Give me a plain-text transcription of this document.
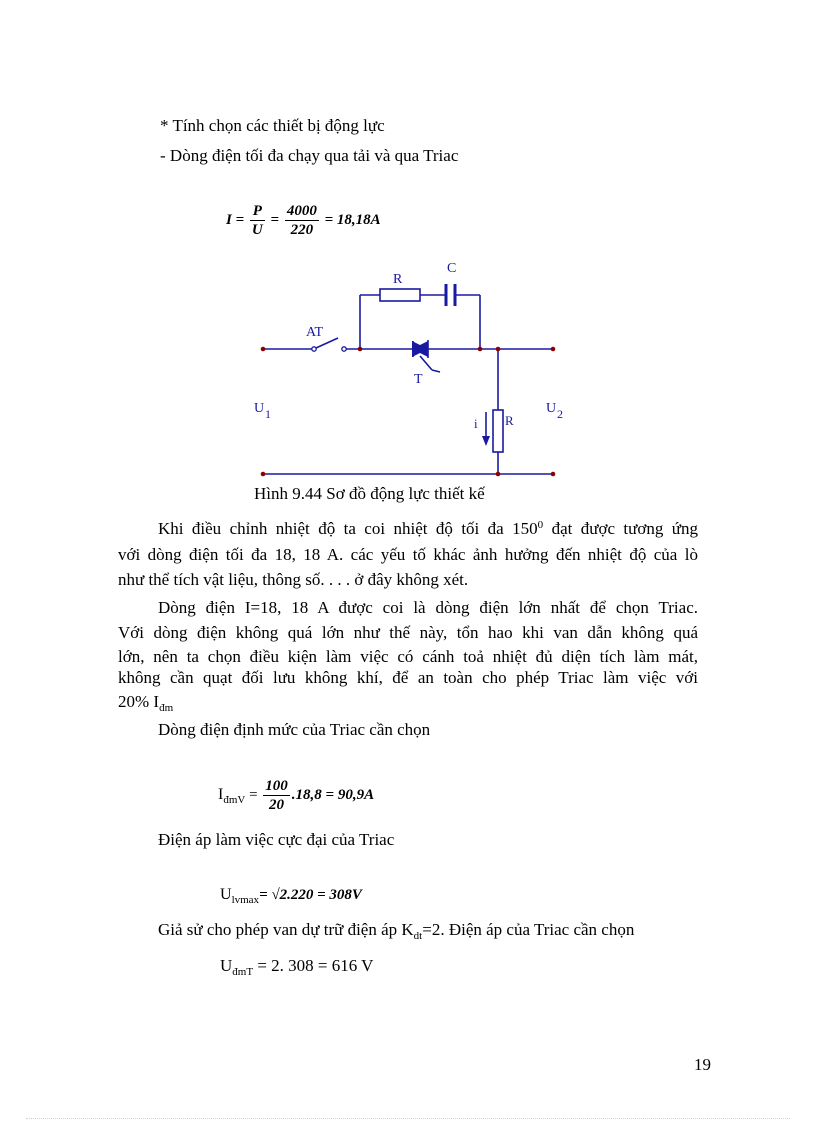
* Tính chọn các thiết bị động lực
- Dòng điện tối đa chạy qua tải và qua Triac
$I = \frac{P}{U} = \frac{4000}{220} = 18,18A$
R
C
AT
T
U 1	U 2
i R
Hình 9.44 Sơ đồ động lực thiết kế
Khi điều chỉnh nhiệt độ ta coi nhiệt độ tối đa $150^0$ đạt được tương ứng
với dòng điện tối đa 18, 18 A. các yếu tố khác ảnh hưởng đến nhiệt độ của lò
như thể tích vật liệu, thông số. . . . ở đây không xét.
Dòng điện I=18, 18 A được coi là dòng điện lớn nhất để chọn Triac.
Với dòng điện không quá lớn như thế này, tổn hao khi van dẫn không quá
lớn, nên ta chọn điều kiện làm việc có cánh toả nhiệt đủ diện tích làm mát,
không cần quạt đối lưu không khí, để an toàn cho phép Triac làm việc với
20% $I_{đm}$
Dòng điện định mức của Triac cần chọn
$I_{đmV} = \frac{100}{20} .18,8 = 90,9A$
Điện áp làm việc cực đại của Triac
$U_{lvmax}= √2.220 = 308V$
Giả sử cho phép van dự trữ điện áp $K_{dt}=2$. Điện áp của Triac cần chọn
$U_{đmT} = 2$. 308 = 616 V
19
